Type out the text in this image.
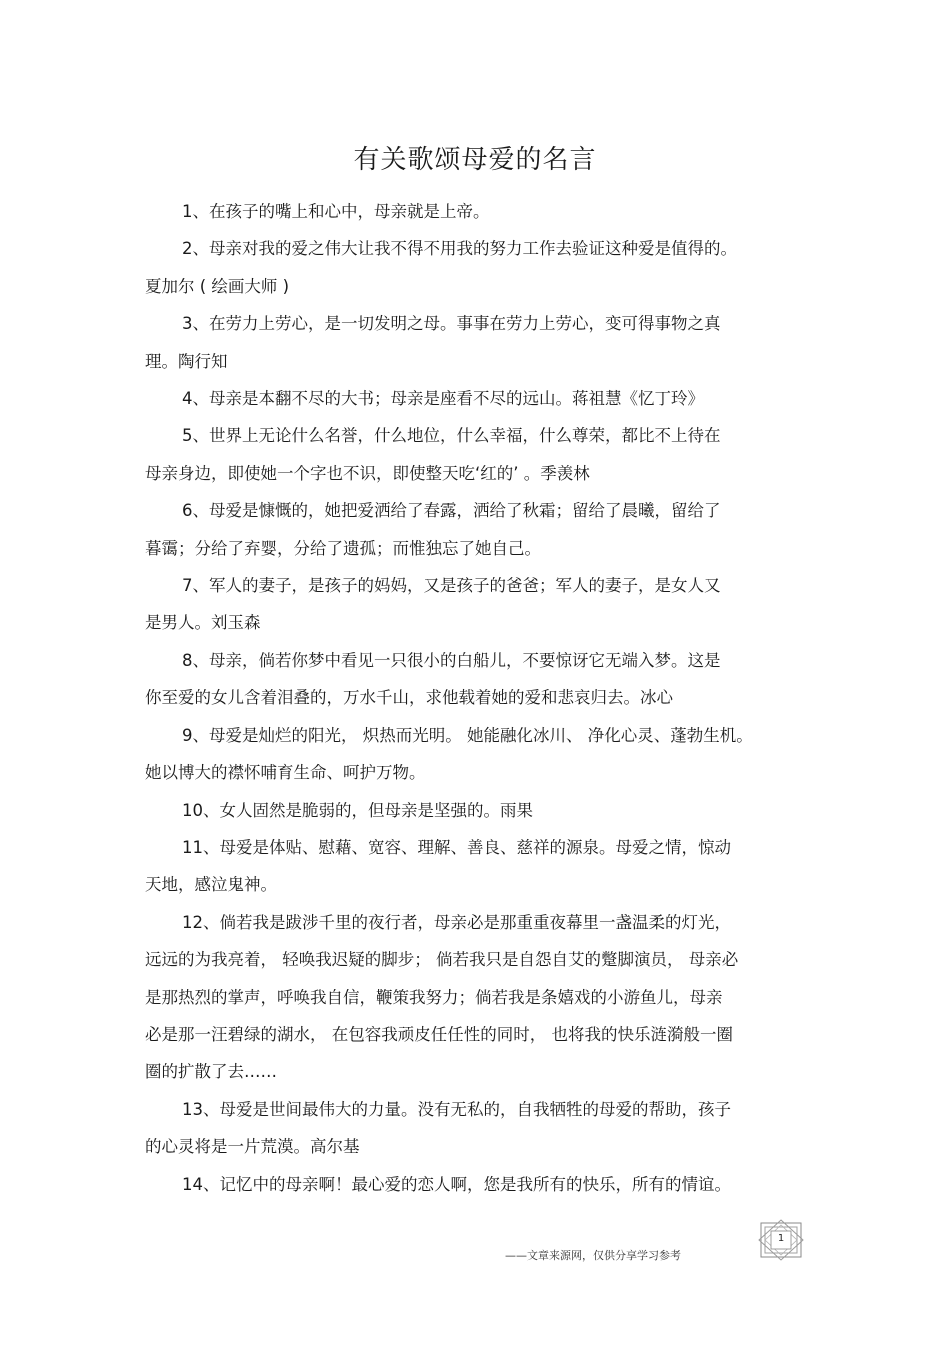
有关歌颂母爱的名言

1、在孩子的嘴上和心中，母亲就是上帝。

2、母亲对我的爱之伟大让我不得不用我的努力工作去验证这种爱是值得的。
夏加尔 ( 绘画大师 )

3、在劳力上劳心，是一切发明之母。事事在劳力上劳心，变可得事物之真
理。陶行知

4、母亲是本翻不尽的大书；母亲是座看不尽的远山。蒋祖慧《忆丁玲》

5、世界上无论什么名誉，什么地位，什么幸福，什么尊荣，都比不上待在
母亲身边，即使她一个字也不识，即使整天吃‘红的’ 。季羡林

6、母爱是慷慨的，她把爱洒给了春露，洒给了秋霜；留给了晨曦，留给了
暮霭；分给了弃婴，分给了遗孤；而惟独忘了她自己。

7、军人的妻子，是孩子的妈妈，又是孩子的爸爸；军人的妻子，是女人又
是男人。刘玉森

8、母亲，倘若你梦中看见一只很小的白船儿，不要惊讶它无端入梦。这是
你至爱的女儿含着泪叠的，万水千山，求他载着她的爱和悲哀归去。冰心

9、母爱是灿烂的阳光， 炽热而光明。 她能融化冰川、 净化心灵、蓬勃生机。
她以博大的襟怀哺育生命、呵护万物。

10、女人固然是脆弱的，但母亲是坚强的。雨果

11、母爱是体贴、慰藉、宽容、理解、善良、慈祥的源泉。母爱之情，惊动
天地，感泣鬼神。

12、倘若我是跋涉千里的夜行者，母亲必是那重重夜幕里一盏温柔的灯光，
远远的为我亮着， 轻唤我迟疑的脚步； 倘若我只是自怨自艾的蹩脚演员， 母亲必
是那热烈的掌声，呼唤我自信，鞭策我努力；倘若我是条嬉戏的小游鱼儿，母亲
必是那一汪碧绿的湖水， 在包容我顽皮任任性的同时， 也将我的快乐涟漪般一圈
圈的扩散了去……

13、母爱是世间最伟大的力量。没有无私的，自我牺牲的母爱的帮助，孩子
的心灵将是一片荒漠。高尔基

14、记忆中的母亲啊！最心爱的恋人啊，您是我所有的快乐，所有的情谊。

——文章来源网，仅供分享学习参考
1
